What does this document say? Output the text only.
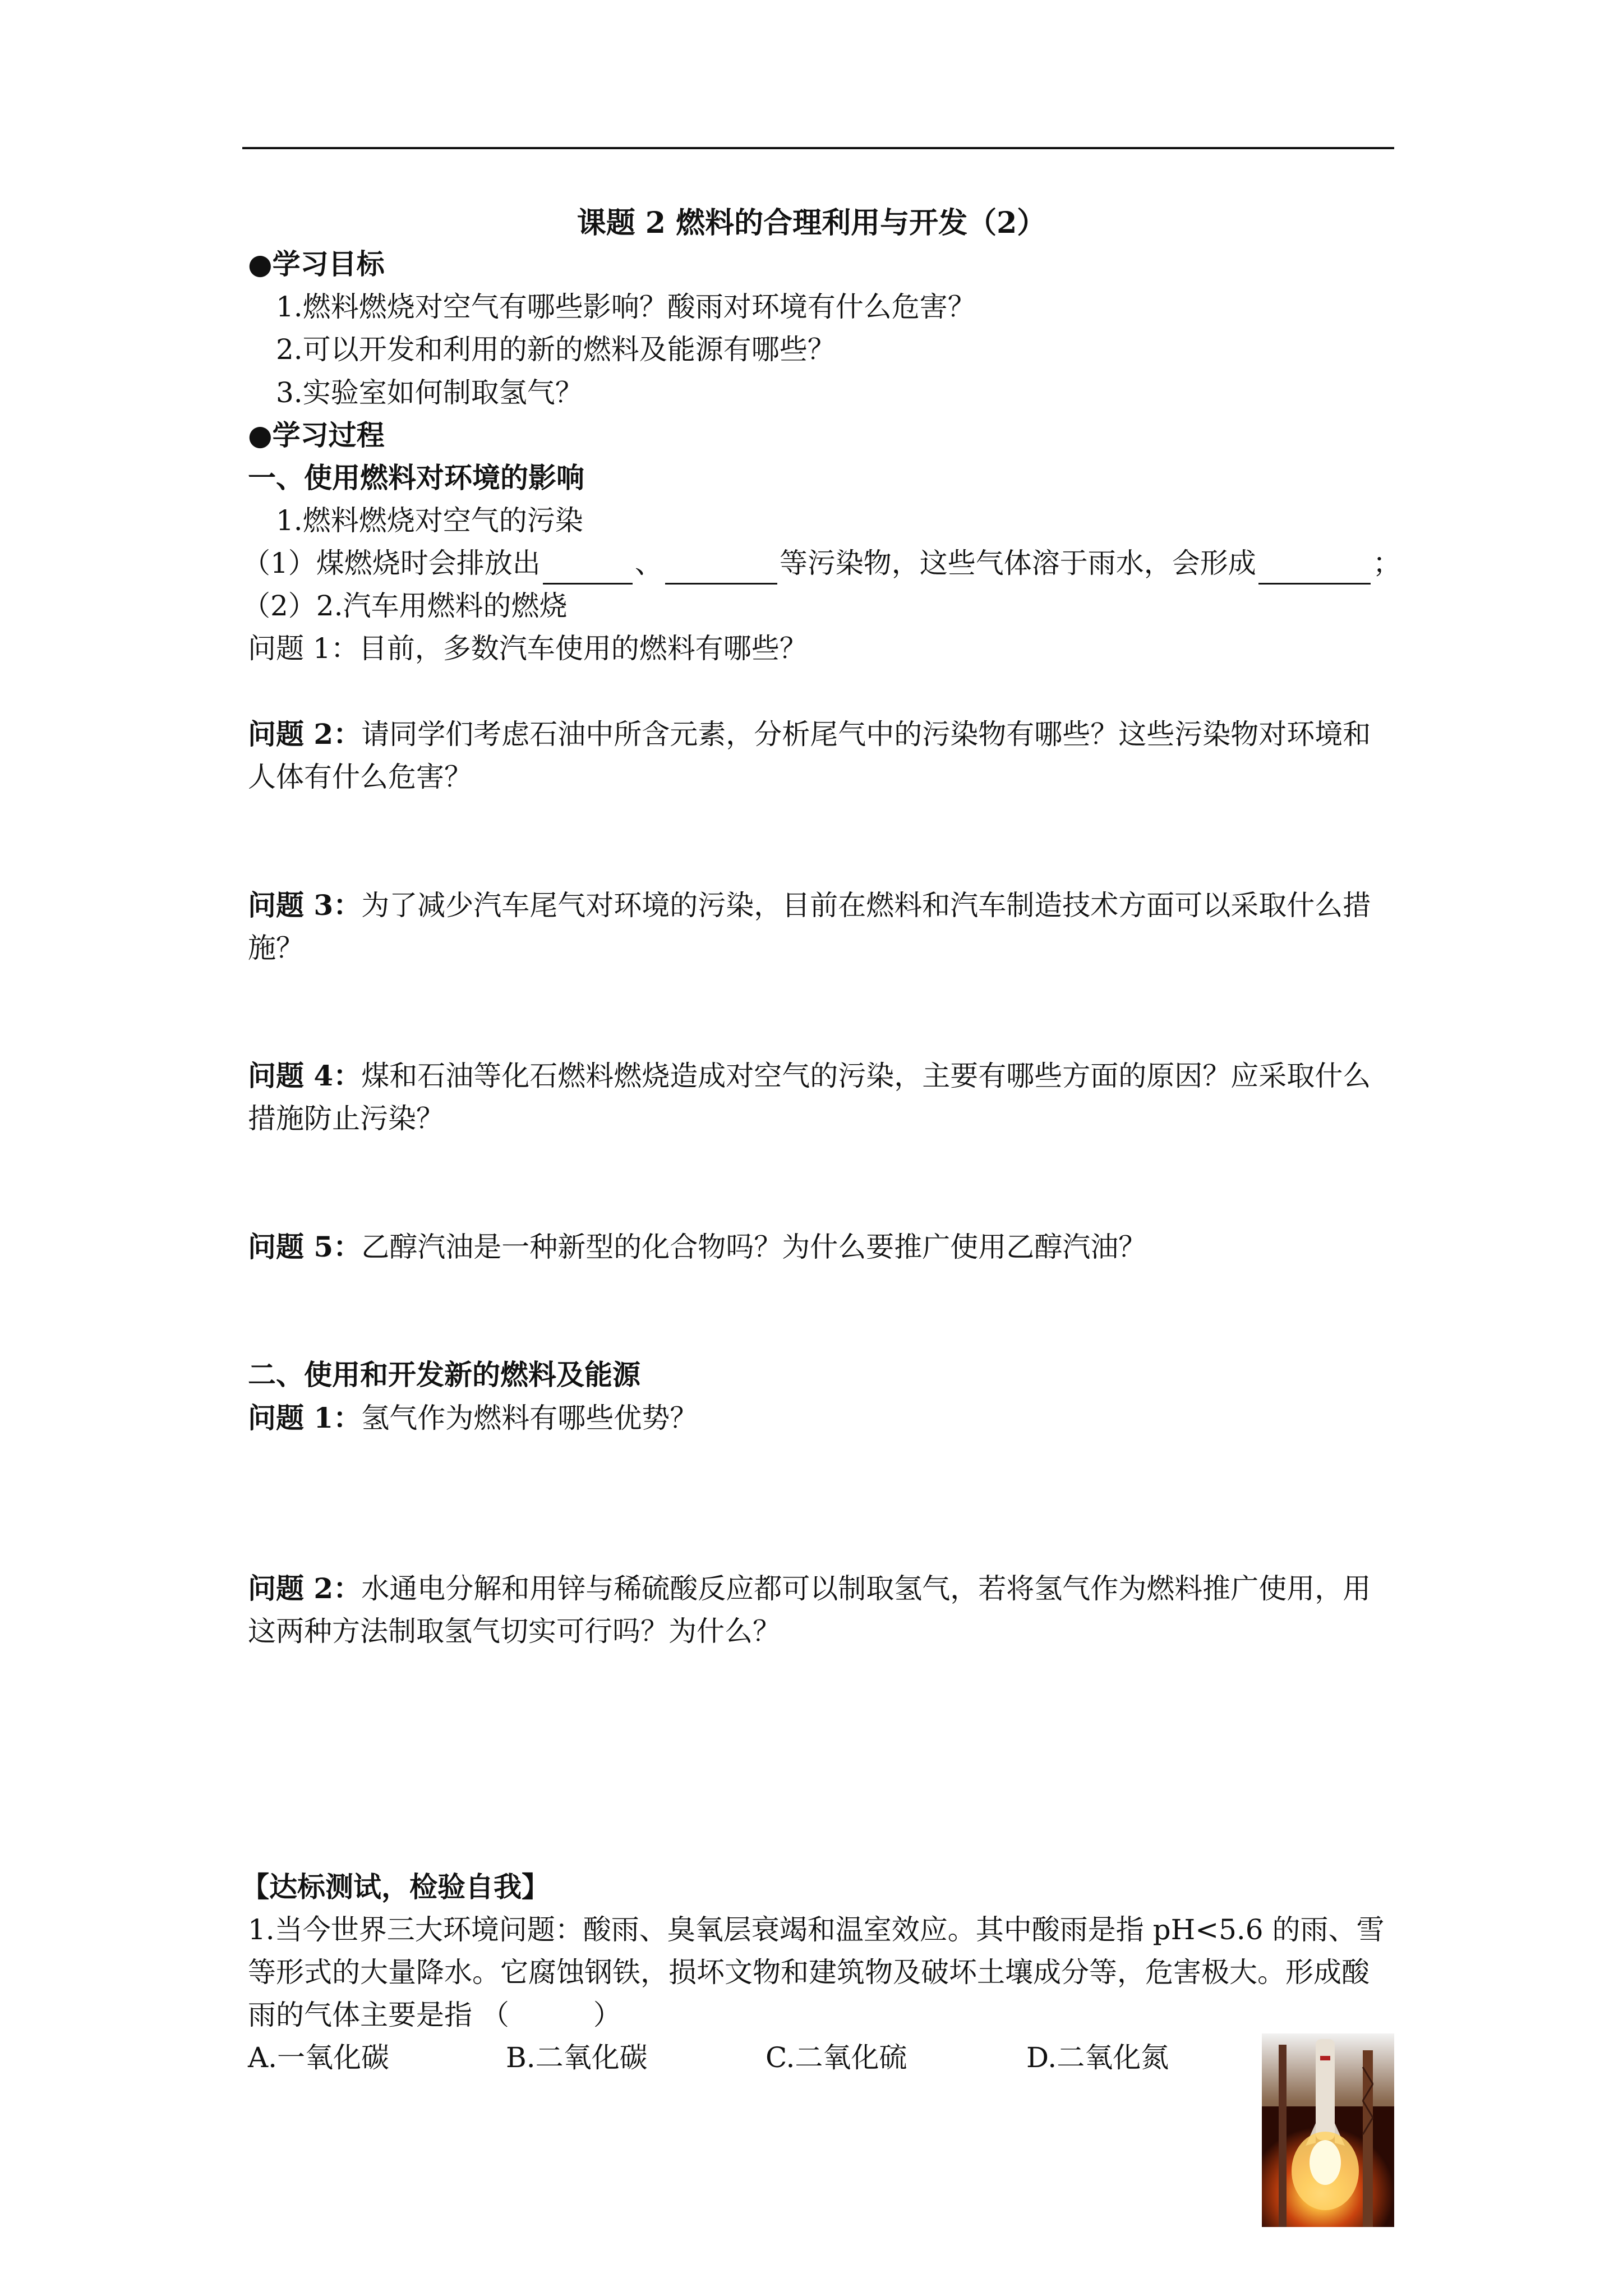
课题 2 燃料的合理利用与开发（2）
●学习目标
1.燃料燃烧对空气有哪些影响？酸雨对环境有什么危害？
2.可以开发和利用的新的燃料及能源有哪些？
3.实验室如何制取氢气？
●学习过程
一、使用燃料对环境的影响
1.燃料燃烧对空气的污染
（1）煤燃烧时会排放出	、	等污染物，这些气体溶于雨水，会形成	；
（2）2.汽车用燃料的燃烧
问题 1：目前，多数汽车使用的燃料有哪些？
问题 2：请同学们考虑石油中所含元素，分析尾气中的污染物有哪些？这些污染物对环境和
人体有什么危害？
问题 3：为了减少汽车尾气对环境的污染，目前在燃料和汽车制造技术方面可以采取什么措
施？
问题 4：煤和石油等化石燃料燃烧造成对空气的污染，主要有哪些方面的原因？应采取什么
措施防止污染？
问题 5：乙醇汽油是一种新型的化合物吗？为什么要推广使用乙醇汽油？
二、使用和开发新的燃料及能源
问题 1：氢气作为燃料有哪些优势？
问题 2：水通电分解和用锌与稀硫酸反应都可以制取氢气，若将氢气作为燃料推广使用，用
这两种方法制取氢气切实可行吗？为什么？
【达标测试，检验自我】
1.当今世界三大环境问题：酸雨、臭氧层衰竭和温室效应。其中酸雨是指 pH<5.6 的雨、雪
等形式的大量降水。它腐蚀钢铁，损坏文物和建筑物及破坏土壤成分等，危害极大。形成酸
雨的气体主要是指 （　　　）
A.一氧化碳	B.二氧化碳	C.二氧化硫	D.二氧化氮
